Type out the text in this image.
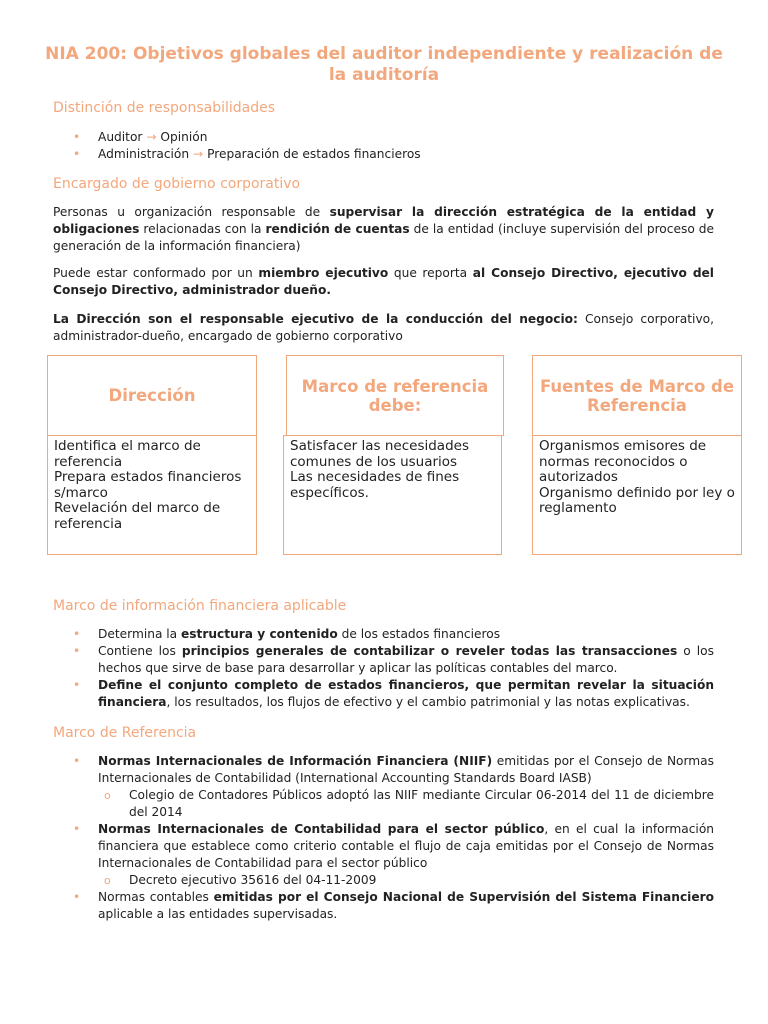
NIA 200: Objetivos globales del auditor independiente y realización de la auditoría
Distinción de responsabilidades
• Auditor → Opinión
• Administración → Preparación de estados financieros
Encargado de gobierno corporativo
Personas u organización responsable de supervisar la dirección estratégica de la entidad y obligaciones relacionadas con la rendición de cuentas de la entidad (incluye supervisión del proceso de generación de la información financiera)
Puede estar conformado por un miembro ejecutivo que reporta al Consejo Directivo, ejecutivo del Consejo Directivo, administrador dueño.
La Dirección son el responsable ejecutivo de la conducción del negocio: Consejo corporativo, administrador-dueño, encargado de gobierno corporativo
Dirección
Identifica el marco de referencia
Prepara estados financieros s/marco
Revelación del marco de referencia
Marco de referencia debe:
Satisfacer las necesidades comunes de los usuarios
Las necesidades de fines específicos.
Fuentes de Marco de Referencia
Organismos emisores de normas reconocidos o autorizados
Organismo definido por ley o reglamento
Marco de información financiera aplicable
• Determina la estructura y contenido de los estados financieros
• Contiene los principios generales de contabilizar o reveler todas las transacciones o los hechos que sirve de base para desarrollar y aplicar las políticas contables del marco.
• Define el conjunto completo de estados financieros, que permitan revelar la situación financiera, los resultados, los flujos de efectivo y el cambio patrimonial y las notas explicativas.
Marco de Referencia
• Normas Internacionales de Información Financiera (NIIF) emitidas por el Consejo de Normas Internacionales de Contabilidad (International Accounting Standards Board IASB)
o Colegio de Contadores Públicos adoptó las NIIF mediante Circular 06-2014 del 11 de diciembre del 2014
• Normas Internacionales de Contabilidad para el sector público, en el cual la información financiera que establece como criterio contable el flujo de caja emitidas por el Consejo de Normas Internacionales de Contabilidad para el sector público
o Decreto ejecutivo 35616 del 04-11-2009
• Normas contables emitidas por el Consejo Nacional de Supervisión del Sistema Financiero aplicable a las entidades supervisadas.
